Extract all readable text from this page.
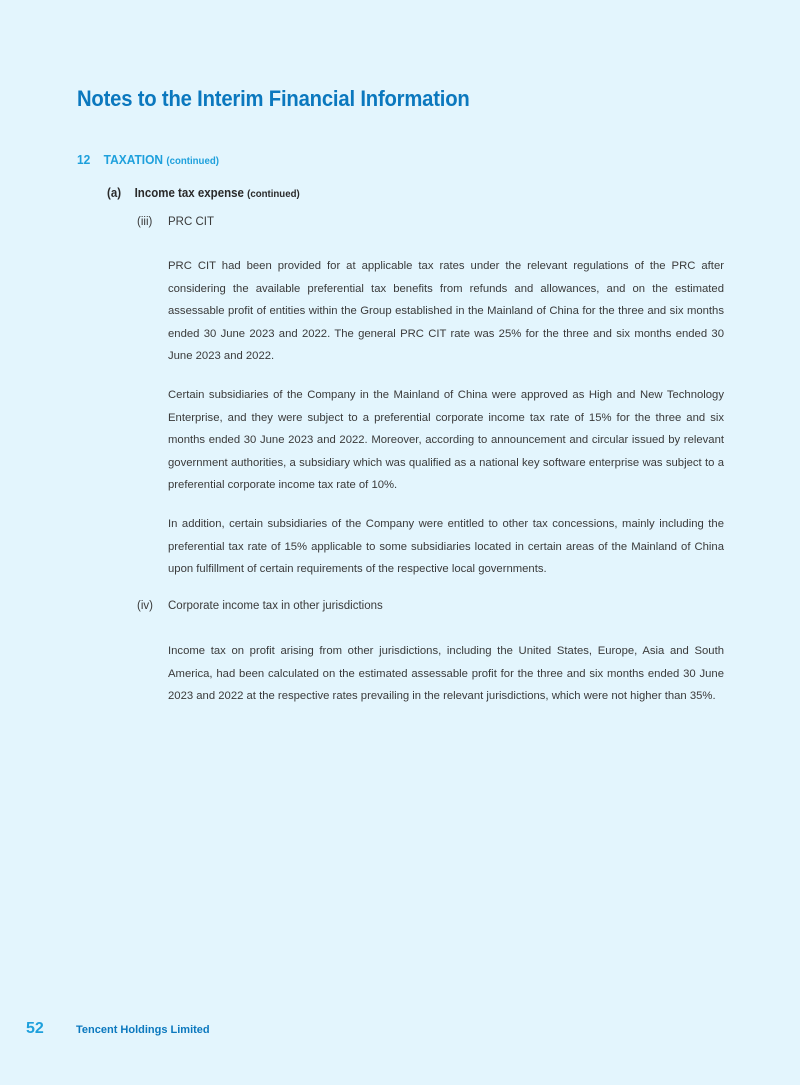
Notes to the Interim Financial Information
12 TAXATION (continued)
(a) Income tax expense (continued)
(iii) PRC CIT

PRC CIT had been provided for at applicable tax rates under the relevant regulations of the PRC after considering the available preferential tax benefits from refunds and allowances, and on the estimated assessable profit of entities within the Group established in the Mainland of China for the three and six months ended 30 June 2023 and 2022. The general PRC CIT rate was 25% for the three and six months ended 30 June 2023 and 2022.

Certain subsidiaries of the Company in the Mainland of China were approved as High and New Technology Enterprise, and they were subject to a preferential corporate income tax rate of 15% for the three and six months ended 30 June 2023 and 2022. Moreover, according to announcement and circular issued by relevant government authorities, a subsidiary which was qualified as a national key software enterprise was subject to a preferential corporate income tax rate of 10%.

In addition, certain subsidiaries of the Company were entitled to other tax concessions, mainly including the preferential tax rate of 15% applicable to some subsidiaries located in certain areas of the Mainland of China upon fulfillment of certain requirements of the respective local governments.

(iv) Corporate income tax in other jurisdictions

Income tax on profit arising from other jurisdictions, including the United States, Europe, Asia and South America, had been calculated on the estimated assessable profit for the three and six months ended 30 June 2023 and 2022 at the respective rates prevailing in the relevant jurisdictions, which were not higher than 35%.

52	Tencent Holdings Limited
